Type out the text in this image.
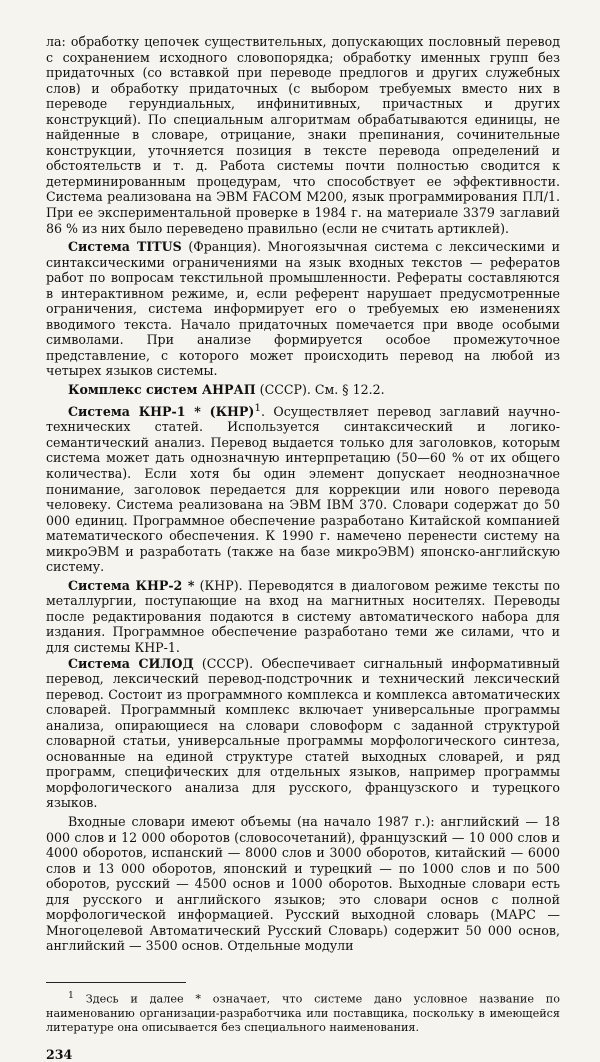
ла: обработку цепочек существительных, допускающих пословный перевод с сохранением исходного словопорядка; обработку именных групп без придаточных (со вставкой при переводе предлогов и других служебных слов) и обработку придаточных (с выбором требуемых вместо них в переводе герундиальных, инфинитивных, причастных и других конструкций). По специальным алгоритмам обрабатываются единицы, не найденные в словаре, отрицание, знаки препинания, сочинительные конструкции, уточняется позиция в тексте перевода определений и обстоятельств и т. д. Работа системы почти полностью сводится к детерминированным процедурам, что способствует ее эффективности. Система реализована на ЭВМ FACOM M200, язык программирования ПЛ/1. При ее экспериментальной проверке в 1984 г. на материале 3379 заглавий 86 % из них было переведено правильно (если не считать артиклей).

Система TITUS (Франция). Многоязычная система с лексическими и синтаксическими ограничениями на язык входных текстов — рефератов работ по вопросам текстильной промышленности. Рефераты составляются в интерактивном режиме, и, если референт нарушает предусмотренные ограничения, система информирует его о требуемых ею изменениях вводимого текста. Начало придаточных помечается при вводе особыми символами. При анализе формируется особое промежуточное представление, с которого может происходить перевод на любой из четырех языков системы.

Комплекс систем АНРАП (СССР). См. § 12.2.

Система КНР-1 * (КНР)$^1$. Осуществляет перевод заглавий научно-технических статей. Используется синтаксический и логико-семантический анализ. Перевод выдается только для заголовков, которым система может дать однозначную интерпретацию (50—60 % от их общего количества). Если хотя бы один элемент допускает неоднозначное понимание, заголовок передается для коррекции или нового перевода человеку. Система реализована на ЭВМ IBM 370. Словари содержат до 50 000 единиц. Программное обеспечение разработано Китайской компанией математического обеспечения. К 1990 г. намечено перенести систему на микроЭВМ и разработать (также на базе микроЭВМ) японско-английскую систему.

Система КНР-2 * (КНР). Переводятся в диалоговом режиме тексты по металлургии, поступающие на вход на магнитных носителях. Переводы после редактирования подаются в систему автоматического набора для издания. Программное обеспечение разработано теми же силами, что и для системы КНР-1.

Система СИЛОД (СССР). Обеспечивает сигнальный информативный перевод, лексический перевод-подстрочник и технический лексический перевод. Состоит из программного комплекса и комплекса автоматических словарей. Программный комплекс включает универсальные программы анализа, опирающиеся на словари словоформ с заданной структурой словарной статьи, универсальные программы морфологического синтеза, основанные на единой структуре статей выходных словарей, и ряд программ, специфических для отдельных языков, например программы морфологического анализа для русского, французского и турецкого языков.

Входные словари имеют объемы (на начало 1987 г.): английский — 18 000 слов и 12 000 оборотов (словосочетаний), французский — 10 000 слов и 4000 оборотов, испанский — 8000 слов и 3000 оборотов, китайский — 6000 слов и 13 000 оборотов, японский и турецкий — по 1000 слов и по 500 оборотов, русский — 4500 основ и 1000 оборотов. Выходные словари есть для русского и английского языков; это словари основ с полной морфологической информацией. Русский выходной словарь (МАРС — Многоцелевой Автоматический Русский Словарь) содержит 50 000 основ, английский — 3500 основ. Отдельные модули

$^1$ Здесь и далее * означает, что системе дано условное название по наименованию организации-разработчика или поставщика, поскольку в имеющейся литературе она описывается без специального наименования.

234
